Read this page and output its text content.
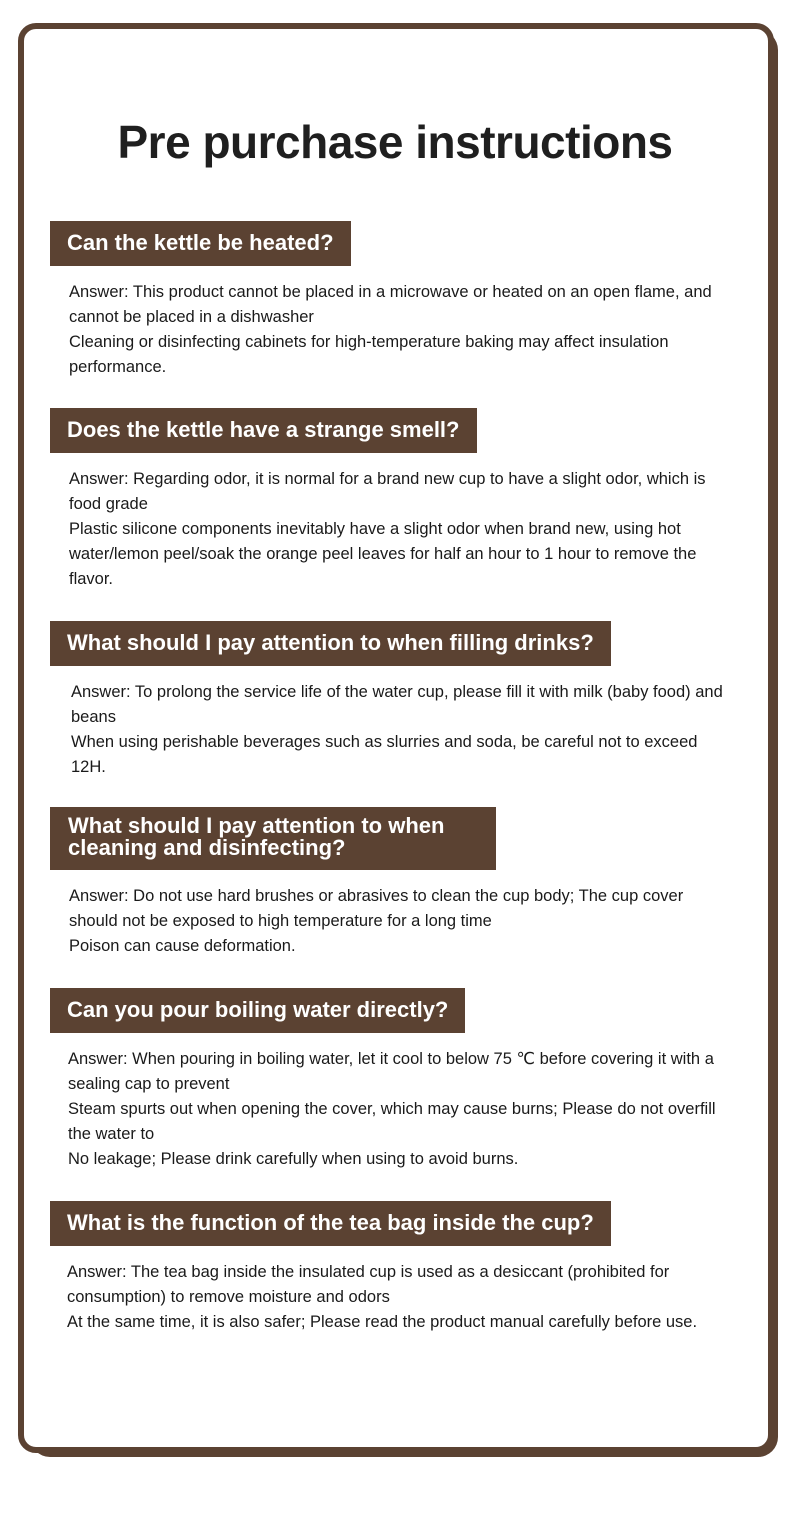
Pre purchase instructions
Can the kettle be heated?

Answer: This product cannot be placed in a microwave or heated on an open flame, and cannot be placed in a dishwasher

Cleaning or disinfecting cabinets for high-temperature baking may affect insulation performance.

Does the kettle have a strange smell?

Answer: Regarding odor, it is normal for a brand new cup to have a slight odor, which is food grade

Plastic silicone components inevitably have a slight odor when brand new, using hot water/lemon peel/soak the orange peel leaves for half an hour to 1 hour to remove the flavor.

What should I pay attention to when filling drinks?

Answer: To prolong the service life of the water cup, please fill it with milk (baby food) and beans

When using perishable beverages such as slurries and soda, be careful not to exceed 12H.

What should I pay attention to when
cleaning and disinfecting?

Answer: Do not use hard brushes or abrasives to clean the cup body; The cup cover should not be exposed to high temperature for a long time

Poison can cause deformation.

Can you pour boiling water directly?

Answer: When pouring in boiling water, let it cool to below 75 ℃ before covering it with a sealing cap to prevent

Steam spurts out when opening the cover, which may cause burns; Please do not overfill the water to

No leakage; Please drink carefully when using to avoid burns.

What is the function of the tea bag inside the cup?

Answer: The tea bag inside the insulated cup is used as a desiccant (prohibited for consumption) to remove moisture and odors

At the same time, it is also safer; Please read the product manual carefully before use.
